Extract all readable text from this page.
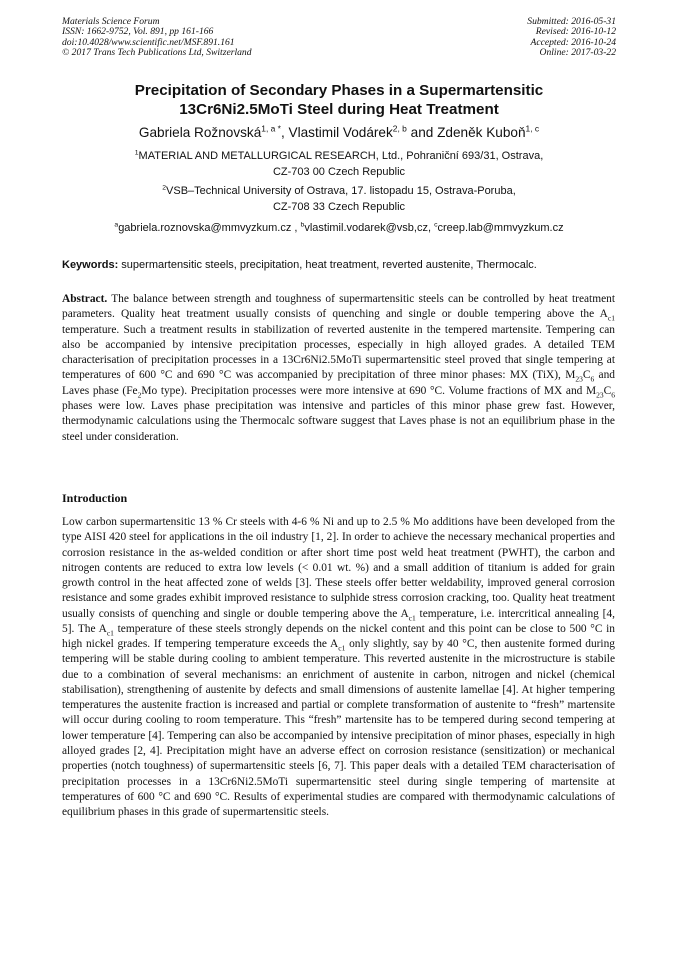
Materials Science Forum
ISSN: 1662-9752, Vol. 891, pp 161-166
doi:10.4028/www.scientific.net/MSF.891.161
© 2017 Trans Tech Publications Ltd, Switzerland
Submitted: 2016-05-31
Revised: 2016-10-12
Accepted: 2016-10-24
Online: 2017-03-22
Precipitation of Secondary Phases in a Supermartensitic
13Cr6Ni2.5MoTi Steel during Heat Treatment
Gabriela Rožnovská$^{1, a *}$, Vlastimil Vodárek$^{2, b}$ and Zdeněk Kuboň$^{1, c}$
$^1$MATERIAL AND METALLURGICAL RESEARCH, Ltd., Pohraniční 693/31, Ostrava,
CZ-703 00 Czech Republic
$^2$VSB–Technical University of Ostrava, 17. listopadu 15, Ostrava-Poruba,
CZ-708 33 Czech Republic
$^a$gabriela.roznovska@mmvyzkum.cz , $^b$vlastimil.vodarek@vsb,cz, $^c$creep.lab@mmvyzkum.cz
Keywords: supermartensitic steels, precipitation, heat treatment, reverted austenite, Thermocalc.
Abstract. The balance between strength and toughness of supermartensitic steels can be controlled by heat treatment parameters. Quality heat treatment usually consists of quenching and single or double tempering above the $A_{c1}$ temperature. Such a treatment results in stabilization of reverted austenite in the tempered martensite. Tempering can also be accompanied by intensive precipitation processes, especially in high alloyed grades. A detailed TEM characterisation of precipitation processes in a 13Cr6Ni2.5MoTi supermartensitic steel proved that single tempering at temperatures of 600 °C and 690 °C was accompanied by precipitation of three minor phases: MX (TiX), $M_{23}C_6$ and Laves phase ($Fe_2Mo$ type). Precipitation processes were more intensive at 690 °C. Volume fractions of MX and $M_{23}C_6$ phases were low. Laves phase precipitation was intensive and particles of this minor phase grew fast. However, thermodynamic calculations using the Thermocalc software suggest that Laves phase is not an equilibrium phase in the steel under consideration.
Introduction
Low carbon supermartensitic 13 % Cr steels with 4-6 % Ni and up to 2.5 % Mo additions have been developed from the type AISI 420 steel for applications in the oil industry [1, 2]. In order to achieve the necessary mechanical properties and corrosion resistance in the as-welded condition or after short time post weld heat treatment (PWHT), the carbon and nitrogen contents are reduced to extra low levels (< 0.01 wt. %) and a small addition of titanium is added for grain growth control in the heat affected zone of welds [3]. These steels offer better weldability, improved general corrosion resistance and some grades exhibit improved resistance to sulphide stress corrosion cracking, too. Quality heat treatment usually consists of quenching and single or double tempering above the $A_{c1}$ temperature, i.e. intercritical annealing [4, 5]. The $A_{c1}$ temperature of these steels strongly depends on the nickel content and this point can be close to 500 °C in high nickel grades. If tempering temperature exceeds the $A_{c1}$ only slightly, say by 40 °C, then austenite formed during tempering will be stable during cooling to ambient temperature. This reverted austenite in the microstructure is stabile due to a combination of several mechanisms: an enrichment of austenite in carbon, nitrogen and nickel (chemical stabilisation), strengthening of austenite by defects and small dimensions of austenite lamellae [4]. At higher tempering temperatures the austenite fraction is increased and partial or complete transformation of austenite to “fresh” martensite will occur during cooling to room temperature. This “fresh” martensite has to be tempered during second tempering at lower temperature [4]. Tempering can also be accompanied by intensive precipitation of minor phases, especially in high alloyed grades [2, 4]. Precipitation might have an adverse effect on corrosion resistance (sensitization) or mechanical properties (notch toughness) of supermartensitic steels [6, 7]. This paper deals with a detailed TEM characterisation of precipitation processes in a 13Cr6Ni2.5MoTi supermartensitic steel during single tempering of martensite at temperatures of 600 °C and 690 °C. Results of experimental studies are compared with thermodynamic calculations of equilibrium phases in this grade of supermartensitic steels.
